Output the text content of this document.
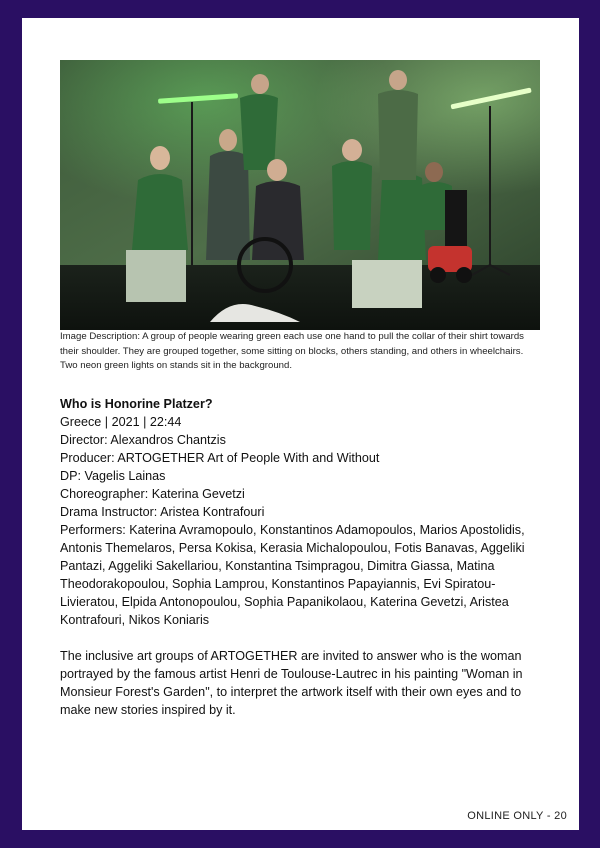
Image Description: A group of people wearing green each use one hand to pull the collar of their shirt towards their shoulder. They are grouped together, some sitting on blocks, others standing, and others in wheelchairs. Two neon green lights on stands sit in the background.
Who is Honorine Platzer?
Greece | 2021 | 22:44
Director: Alexandros Chantzis
Producer: ARTOGETHER Art of People With and Without
DP: Vagelis Lainas
Choreographer: Katerina Gevetzi
Drama Instructor: Aristea Kontrafouri
Performers: Katerina Avramopoulo, Konstantinos Adamopoulos, Marios Apostolidis, Antonis Themelaros, Persa Kokisa, Kerasia Michalopoulou, Fotis Banavas, Aggeliki Pantazi, Aggeliki Sakellariou, Konstantina Tsimpragou, Dimitra Giassa, Matina Theodorakopoulou, Sophia Lamprou, Konstantinos Papayiannis, Evi Spiratou-Livieratou, Elpida Antonopoulou, Sophia Papanikolaou, Katerina Gevetzi, Aristea Kontrafouri, Nikos Koniaris
The inclusive art groups of ARTOGETHER are invited to answer who is the woman portrayed by the famous artist Henri de Toulouse-Lautrec in his painting "Woman in Monsieur Forest's Garden", to interpret the artwork itself with their own eyes and to make new stories inspired by it.
ONLINE ONLY - 20
